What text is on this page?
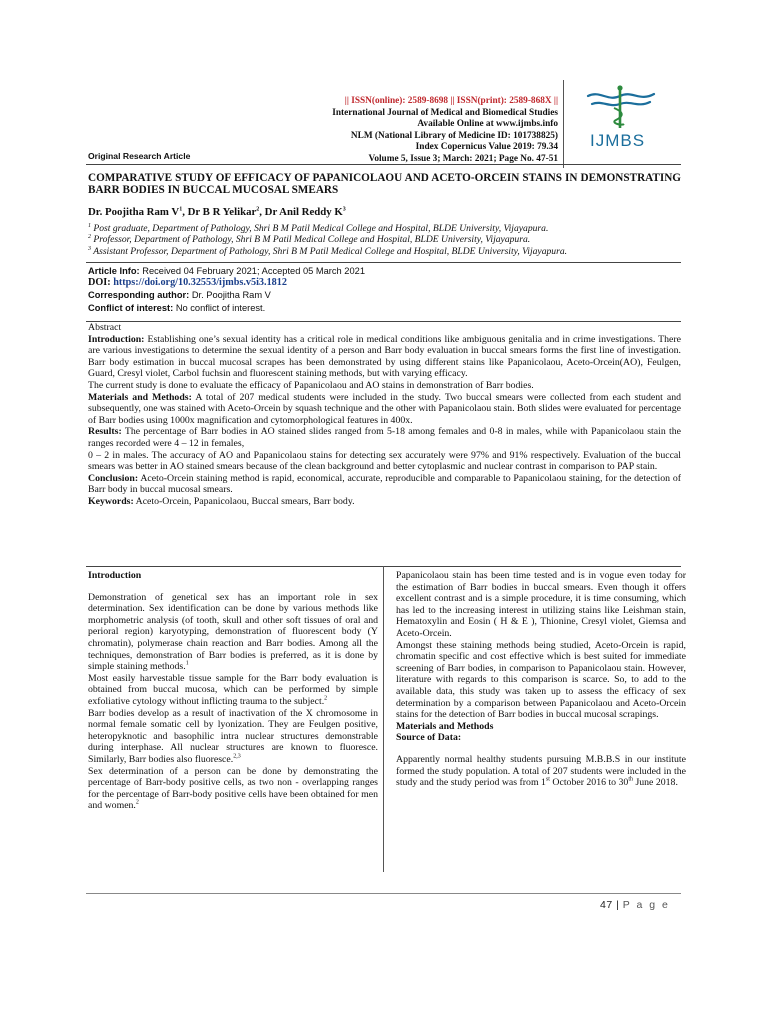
|| ISSN(online): 2589-8698 || ISSN(print): 2589-868X ||
International Journal of Medical and Biomedical Studies
Available Online at www.ijmbs.info
NLM (National Library of Medicine ID: 101738825)
Index Copernicus Value 2019: 79.34
Volume 5, Issue 3; March: 2021; Page No. 47-51
Original Research Article
IJMBS
COMPARATIVE STUDY OF EFFICACY OF PAPANICOLAOU AND ACETO-ORCEIN STAINS IN DEMONSTRATING BARR BODIES IN BUCCAL MUCOSAL SMEARS
Dr. Poojitha Ram $V^1$, Dr B R Yelikar$^2$, Dr Anil Reddy $K^3$
$^1$ Post graduate, Department of Pathology, Shri B M Patil Medical College and Hospital, BLDE University, Vijayapura.
$^2$ Professor, Department of Pathology, Shri B M Patil Medical College and Hospital, BLDE University, Vijayapura.
$^3$ Assistant Professor, Department of Pathology, Shri B M Patil Medical College and Hospital, BLDE University, Vijayapura.
Article Info: Received 04 February 2021; Accepted 05 March 2021
DOI: https://doi.org/10.32553/ijmbs.v5i3.1812
Corresponding author: Dr. Poojitha Ram V
Conflict of interest: No conflict of interest.

Abstract

Introduction: Establishing one’s sexual identity has a critical role in medical conditions like ambiguous genitalia and in crime investigations. There are various investigations to determine the sexual identity of a person and Barr body evaluation in buccal smears forms the first line of investigation. Barr body estimation in buccal mucosal scrapes has been demonstrated by using different stains like Papanicolaou, Aceto-Orcein(AO), Feulgen, Guard, Cresyl violet, Carbol fuchsin and fluorescent staining methods, but with varying efficacy.

The current study is done to evaluate the efficacy of Papanicolaou and AO stains in demonstration of Barr bodies.

Materials and Methods: A total of 207 medical students were included in the study. Two buccal smears were collected from each student and subsequently, one was stained with Aceto-Orcein by squash technique and the other with Papanicolaou stain. Both slides were evaluated for percentage of Barr bodies using 1000x magnification and cytomorphological features in 400x.

Results: The percentage of Barr bodies in AO stained slides ranged from 5-18 among females and 0-8 in males, while with Papanicolaou stain the ranges recorded were 4 – 12 in females,

0 – 2 in males. The accuracy of AO and Papanicolaou stains for detecting sex accurately were 97% and 91% respectively. Evaluation of the buccal smears was better in AO stained smears because of the clean background and better cytoplasmic and nuclear contrast in comparison to PAP stain.

Conclusion: Aceto-Orcein staining method is rapid, economical, accurate, reproducible and comparable to Papanicolaou staining, for the detection of Barr body in buccal mucosal smears.

Keywords: Aceto-Orcein, Papanicolaou, Buccal smears, Barr body.

Introduction

Demonstration of genetical sex has an important role in sex determination. Sex identification can be done by various methods like morphometric analysis (of tooth, skull and other soft tissues of oral and perioral region) karyotyping, demonstration of fluorescent body (Y chromatin), polymerase chain reaction and Barr bodies. Among all the techniques, demonstration of Barr bodies is preferred, as it is done by simple staining methods.$^1$

Most easily harvestable tissue sample for the Barr body evaluation is obtained from buccal mucosa, which can be performed by simple exfoliative cytology without inflicting trauma to the subject.$^2$

Barr bodies develop as a result of inactivation of the X chromosome in normal female somatic cell by lyonization. They are Feulgen positive, heteropyknotic and basophilic intra nuclear structures demonstrable during interphase. All nuclear structures are known to fluoresce. Similarly, Barr bodies also fluoresce.$^{2,3}$

Sex determination of a person can be done by demonstrating the percentage of Barr-body positive cells, as two non - overlapping ranges for the percentage of Barr-body positive cells have been obtained for men and women.$^2$

Papanicolaou stain has been time tested and is in vogue even today for the estimation of Barr bodies in buccal smears. Even though it offers excellent contrast and is a simple procedure, it is time consuming, which has led to the increasing interest in utilizing stains like Leishman stain, Hematoxylin and Eosin ( H & E ), Thionine, Cresyl violet, Giemsa and Aceto-Orcein.

Amongst these staining methods being studied, Aceto-Orcein is rapid, chromatin specific and cost effective which is best suited for immediate screening of Barr bodies, in comparison to Papanicolaou stain. However, literature with regards to this comparison is scarce. So, to add to the available data, this study was taken up to assess the efficacy of sex determination by a comparison between Papanicolaou and Aceto-Orcein stains for the detection of Barr bodies in buccal mucosal scrapings.

Materials and Methods
Source of Data:

Apparently normal healthy students pursuing M.B.B.S in our institute formed the study population. A total of 207 students were included in the study and the study period was from 1st October 2016 to 30th June 2018.

47 | P a g e
